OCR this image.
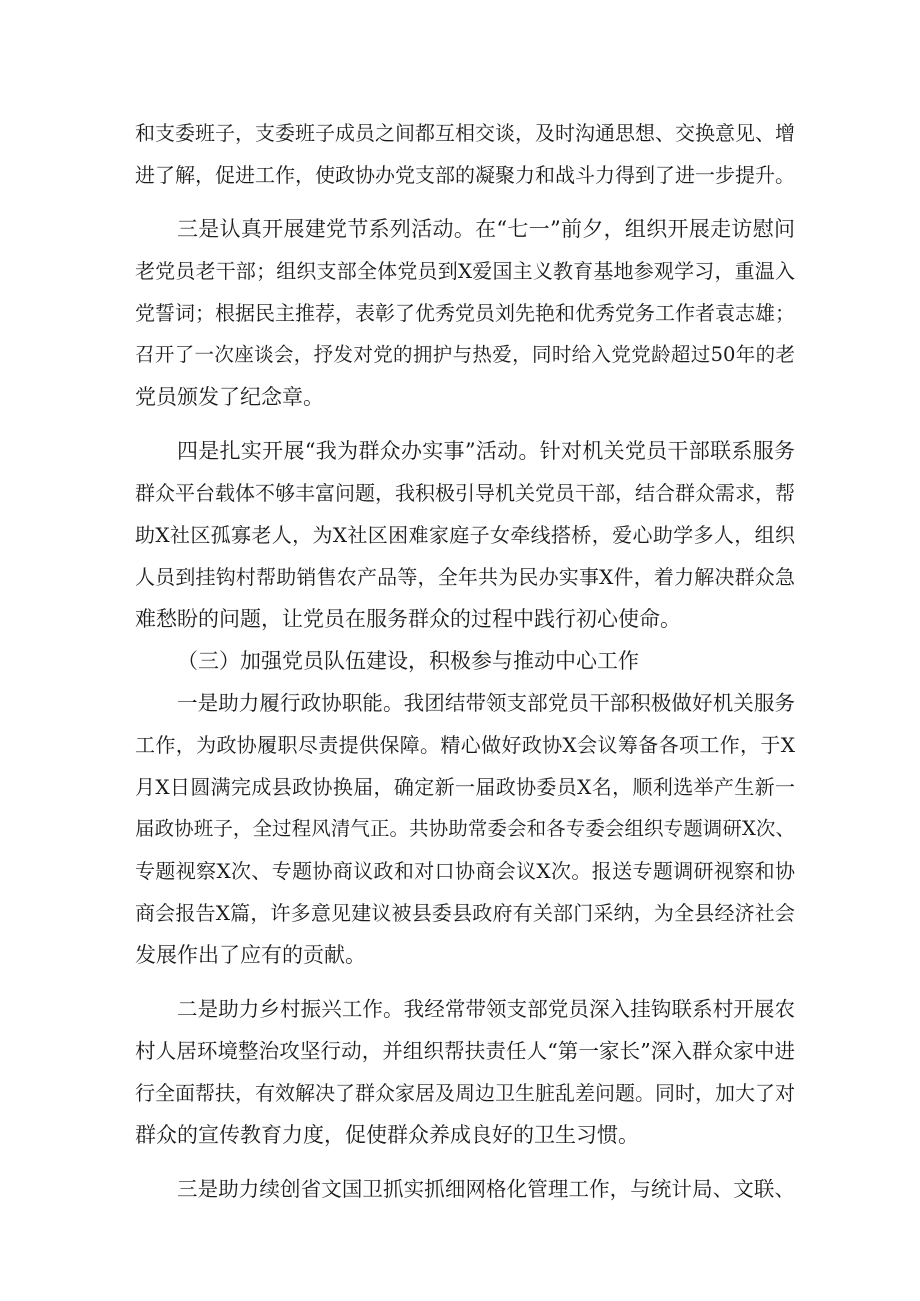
和支委班子，支委班子成员之间都互相交谈，及时沟通思想、交换意见、增
进了解，促进工作，使政协办党支部的凝聚力和战斗力得到了进一步提升。
三是认真开展建党节系列活动。在“七一”前夕，组织开展走访慰问
老党员老干部；组织支部全体党员到X爱国主义教育基地参观学习，重温入
党誓词；根据民主推荐，表彰了优秀党员刘先艳和优秀党务工作者袁志雄；
召开了一次座谈会，抒发对党的拥护与热爱，同时给入党党龄超过50年的老
党员颁发了纪念章。
四是扎实开展“我为群众办实事”活动。针对机关党员干部联系服务
群众平台载体不够丰富问题，我积极引导机关党员干部，结合群众需求，帮
助X社区孤寡老人，为X社区困难家庭子女牵线搭桥，爱心助学多人，组织
人员到挂钩村帮助销售农产品等，全年共为民办实事X件，着力解决群众急
难愁盼的问题，让党员在服务群众的过程中践行初心使命。
（三）加强党员队伍建设，积极参与推动中心工作
一是助力履行政协职能。我团结带领支部党员干部积极做好机关服务
工作，为政协履职尽责提供保障。精心做好政协X会议筹备各项工作，于X
月X日圆满完成县政协换届，确定新一届政协委员X名，顺利选举产生新一
届政协班子，全过程风清气正。共协助常委会和各专委会组织专题调研X次、
专题视察X次、专题协商议政和对口协商会议X次。报送专题调研视察和协
商会报告X篇，许多意见建议被县委县政府有关部门采纳，为全县经济社会
发展作出了应有的贡献。
二是助力乡村振兴工作。我经常带领支部党员深入挂钩联系村开展农
村人居环境整治攻坚行动，并组织帮扶责任人“第一家长”深入群众家中进
行全面帮扶，有效解决了群众家居及周边卫生脏乱差问题。同时，加大了对
群众的宣传教育力度，促使群众养成良好的卫生习惯。
三是助力续创省文国卫抓实抓细网格化管理工作，与统计局、文联、
